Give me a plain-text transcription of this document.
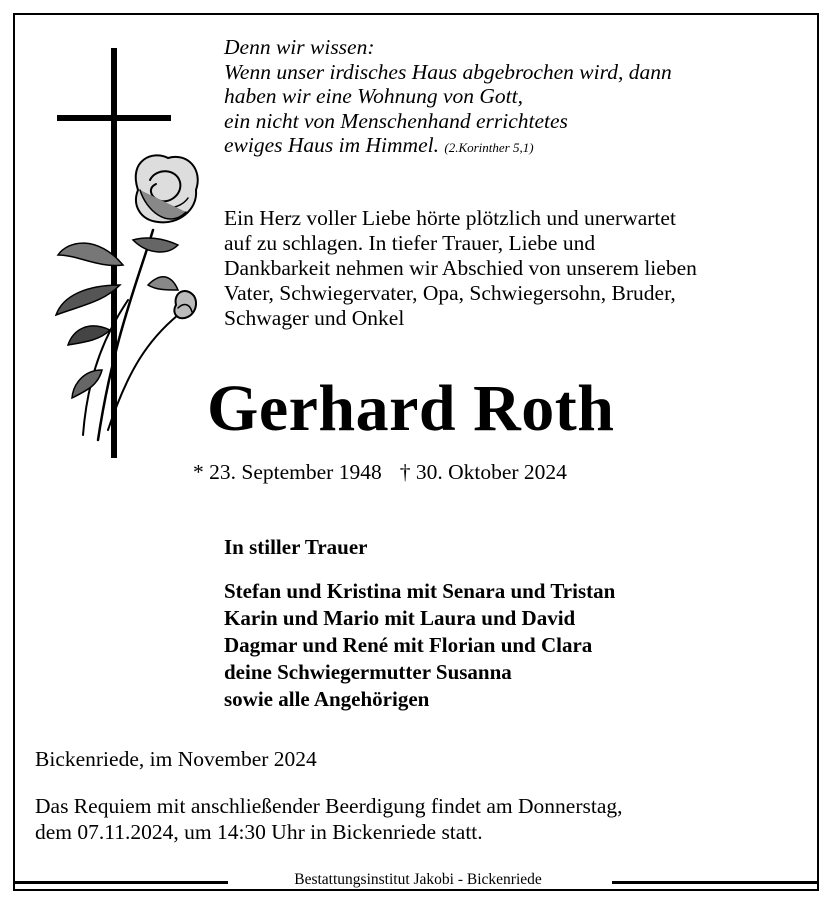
Denn wir wissen:
Wenn unser irdisches Haus abgebrochen wird, dann
haben wir eine Wohnung von Gott,
ein nicht von Menschenhand errichtetes
ewiges Haus im Himmel. (2.Korinther 5,1)
Ein Herz voller Liebe hörte plötzlich und unerwartet
auf zu schlagen. In tiefer Trauer, Liebe und
Dankbarkeit nehmen wir Abschied von unserem lieben
Vater, Schwiegervater, Opa, Schwiegersohn, Bruder,
Schwager und Onkel
Gerhard Roth
* 23. September 1948 † 30. Oktober 2024
In stiller Trauer
Stefan und Kristina mit Senara und Tristan
Karin und Mario mit Laura und David
Dagmar und René mit Florian und Clara
deine Schwiegermutter Susanna
sowie alle Angehörigen
Bickenriede, im November 2024
Das Requiem mit anschließender Beerdigung findet am Donnerstag,
dem 07.11.2024, um 14:30 Uhr in Bickenriede statt.
Bestattungsinstitut Jakobi - Bickenriede
